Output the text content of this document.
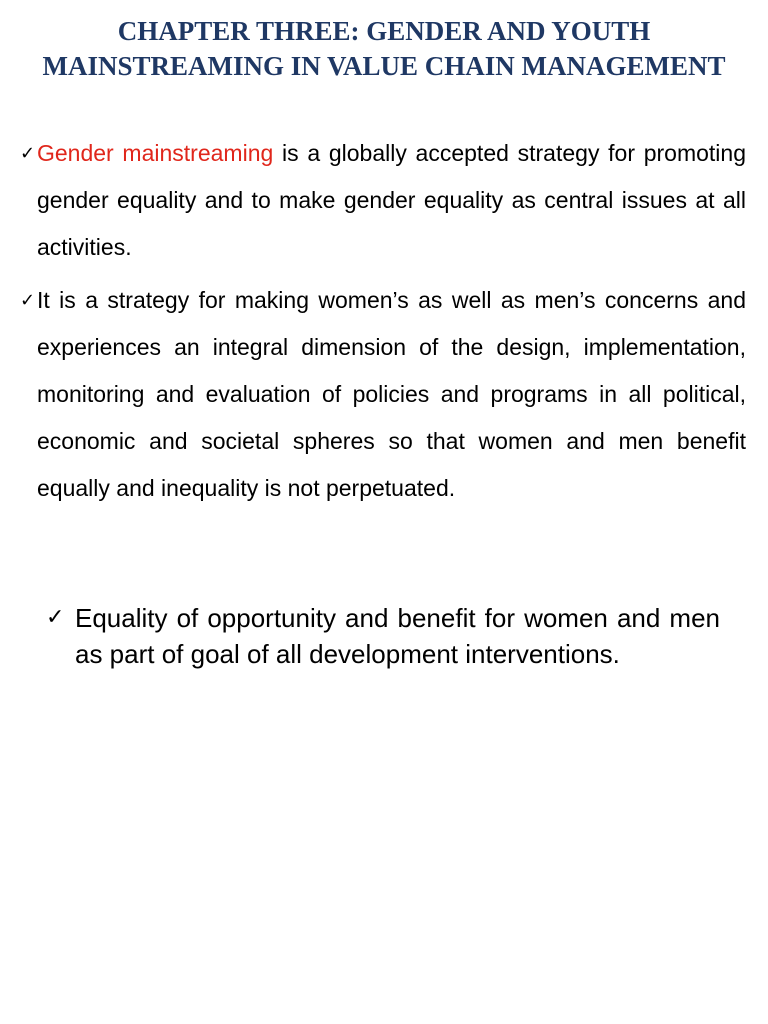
CHAPTER THREE: GENDER AND YOUTH MAINSTREAMING IN VALUE CHAIN MANAGEMENT
✓ Gender mainstreaming is a globally accepted strategy for promoting gender equality and to make gender equality as central issues at all activities.
✓ It is a strategy for making women’s as well as men’s concerns and experiences an integral dimension of the design, implementation, monitoring and evaluation of policies and programs in all political, economic and societal spheres so that women and men benefit equally and inequality is not perpetuated.
✓ Equality of opportunity and benefit for women and men as part of goal of all development interventions.
